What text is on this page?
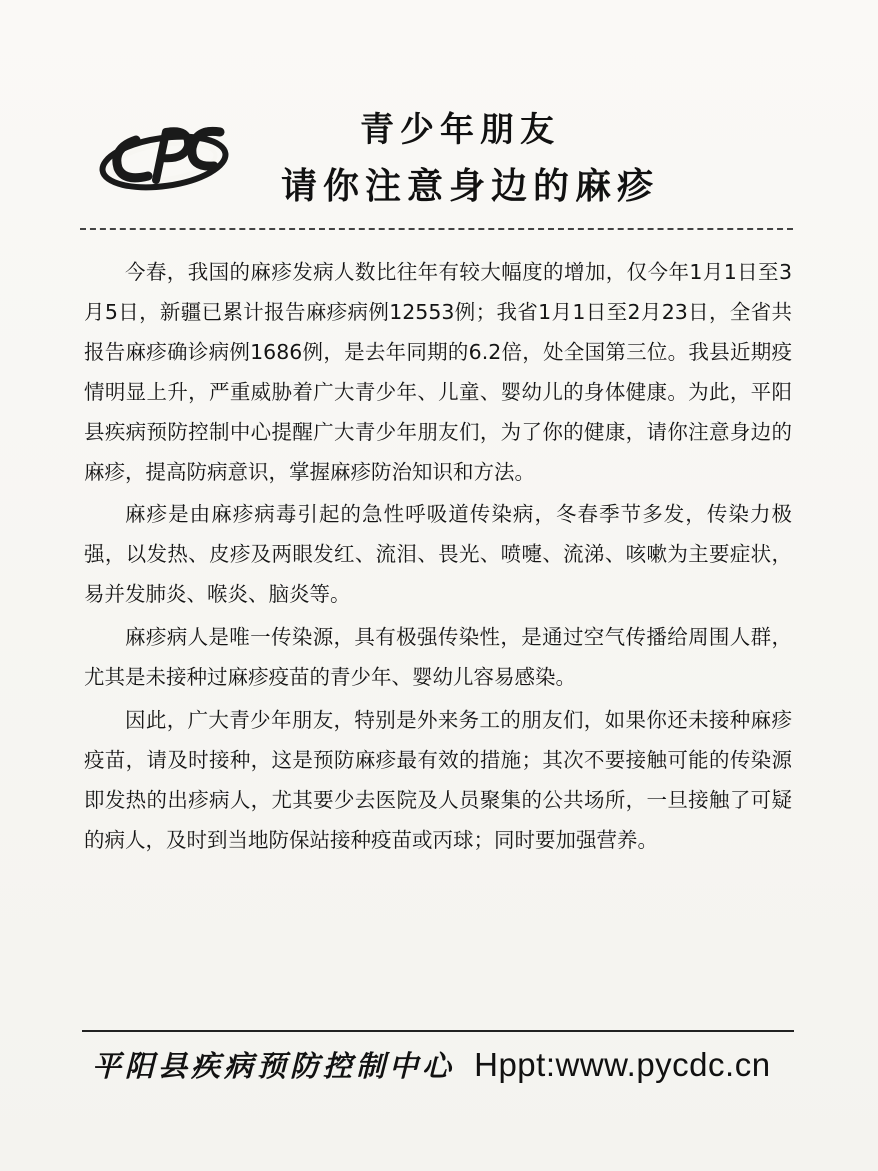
青少年朋友
请你注意身边的麻疹

今春，我国的麻疹发病人数比往年有较大幅度的增加，仅今年1月1日至3月5日，新疆已累计报告麻疹病例12553例；我省1月1日至2月23日，全省共报告麻疹确诊病例1686例，是去年同期的6.2倍，处全国第三位。我县近期疫情明显上升，严重威胁着广大青少年、儿童、婴幼儿的身体健康。为此，平阳县疾病预防控制中心提醒广大青少年朋友们，为了你的健康，请你注意身边的麻疹，提高防病意识，掌握麻疹防治知识和方法。

麻疹是由麻疹病毒引起的急性呼吸道传染病，冬春季节多发，传染力极强，以发热、皮疹及两眼发红、流泪、畏光、喷嚏、流涕、咳嗽为主要症状，易并发肺炎、喉炎、脑炎等。

麻疹病人是唯一传染源，具有极强传染性，是通过空气传播给周围人群，尤其是未接种过麻疹疫苗的青少年、婴幼儿容易感染。

因此，广大青少年朋友，特别是外来务工的朋友们，如果你还未接种麻疹疫苗，请及时接种，这是预防麻疹最有效的措施；其次不要接触可能的传染源即发热的出疹病人，尤其要少去医院及人员聚集的公共场所，一旦接触了可疑的病人，及时到当地防保站接种疫苗或丙球；同时要加强营养。

平阳县疾病预防控制中心 Hppt:www.pycdc.cn
